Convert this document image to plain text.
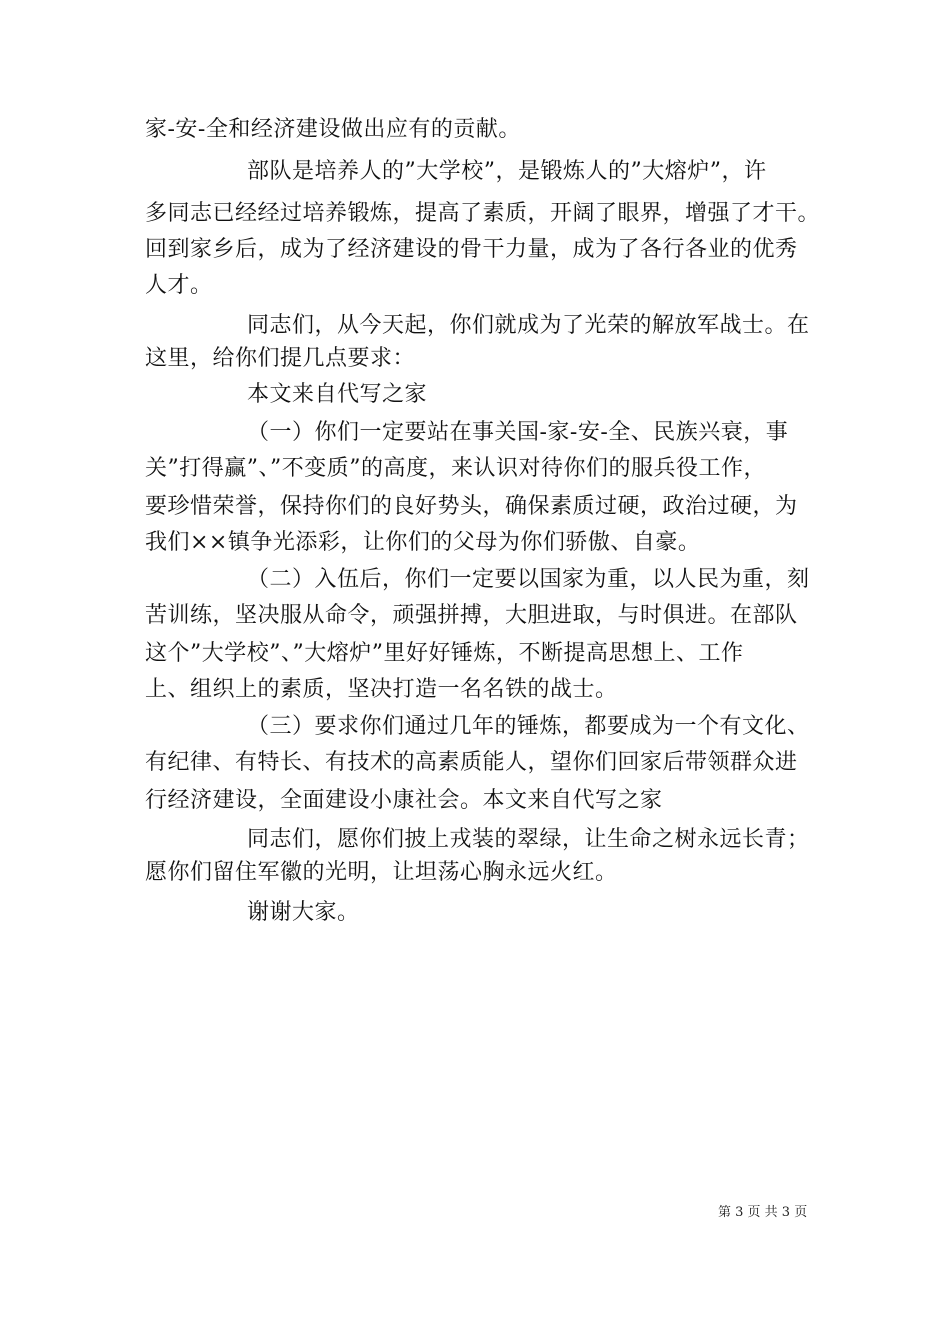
家-安-全和经济建设做出应有的贡献。
部队是培养人的”大学校”，是锻炼人的”大熔炉”，许
多同志已经经过培养锻炼，提高了素质，开阔了眼界，增强了才干。
回到家乡后，成为了经济建设的骨干力量，成为了各行各业的优秀
人才。
同志们，从今天起，你们就成为了光荣的解放军战士。在
这里，给你们提几点要求：
本文来自代写之家
（一）你们一定要站在事关国-家-安-全、民族兴衰，事
关”打得赢”、”不变质”的高度，来认识对待你们的服兵役工作，
要珍惜荣誉，保持你们的良好势头，确保素质过硬，政治过硬，为
我们××镇争光添彩，让你们的父母为你们骄傲、自豪。
（二）入伍后，你们一定要以国家为重，以人民为重，刻
苦训练，坚决服从命令，顽强拼搏，大胆进取，与时俱进。在部队
这个”大学校”、”大熔炉”里好好锤炼，不断提高思想上、工作
上、组织上的素质，坚决打造一名名铁的战士。
（三）要求你们通过几年的锤炼，都要成为一个有文化、
有纪律、有特长、有技术的高素质能人，望你们回家后带领群众进
行经济建设，全面建设小康社会。本文来自代写之家
同志们，愿你们披上戎装的翠绿，让生命之树永远长青；
愿你们留住军徽的光明，让坦荡心胸永远火红。
谢谢大家。
第 3 页 共 3 页
